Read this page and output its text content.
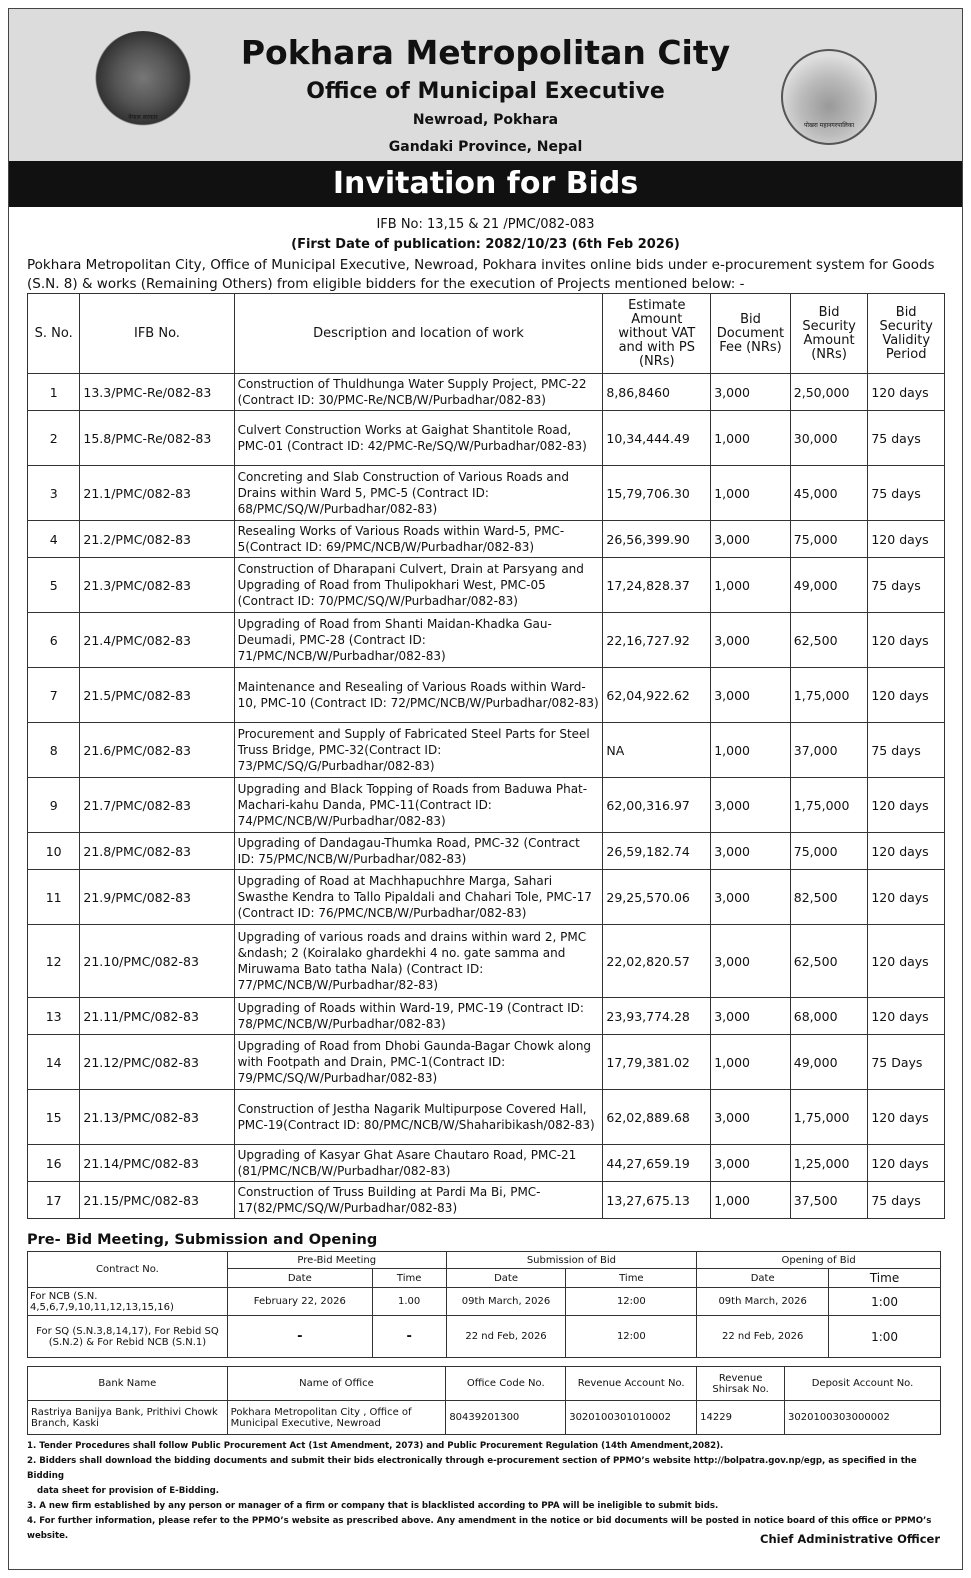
नेपाल सरकार
Pokhara Metropolitan City
Office of Municipal Executive
Newroad, Pokhara
Gandaki Province, Nepal
पोखरा महानगरपालिका
Invitation for Bids
IFB No: 13,15 & 21 /PMC/082-083
(First Date of publication: 2082/10/23 (6th Feb 2026)
Pokhara Metropolitan City, Office of Municipal Executive, Newroad, Pokhara invites online bids under e-procurement system for Goods (S.N. 8) & works (Remaining Others) from eligible bidders for the execution of Projects mentioned below: -
S. No.	IFB No.	Description and location of work	Estimate Amount without VAT and with PS (NRs)	Bid Document Fee (NRs)	Bid Security Amount (NRs)	Bid Security Validity Period
1	13.3/PMC-Re/082-83	Construction of Thuldhunga Water Supply Project, PMC-22 (Contract ID: 30/PMC-Re/NCB/W/Purbadhar/082-83)	8,86,8460	3,000	2,50,000	120 days
2	15.8/PMC-Re/082-83	Culvert Construction Works at Gaighat Shantitole Road, PMC-01 (Contract ID: 42/PMC-Re/SQ/W/Purbadhar/082-83)	10,34,444.49	1,000	30,000	75 days
3	21.1/PMC/082-83	Concreting and Slab Construction of Various Roads and Drains within Ward 5, PMC-5 (Contract ID: 68/PMC/SQ/W/Purbadhar/082-83)	15,79,706.30	1,000	45,000	75 days
4	21.2/PMC/082-83	Resealing Works of Various Roads within Ward-5, PMC-5(Contract ID: 69/PMC/NCB/W/Purbadhar/082-83)	26,56,399.90	3,000	75,000	120 days
5	21.3/PMC/082-83	Construction of Dharapani Culvert, Drain at Parsyang and Upgrading of Road from Thulipokhari West, PMC-05 (Contract ID: 70/PMC/SQ/W/Purbadhar/082-83)	17,24,828.37	1,000	49,000	75 days
6	21.4/PMC/082-83	Upgrading of Road from Shanti Maidan-Khadka Gau-Deumadi, PMC-28 (Contract ID: 71/PMC/NCB/W/Purbadhar/082-83)	22,16,727.92	3,000	62,500	120 days
7	21.5/PMC/082-83	Maintenance and Resealing of Various Roads within Ward-10, PMC-10 (Contract ID: 72/PMC/NCB/W/Purbadhar/082-83)	62,04,922.62	3,000	1,75,000	120 days
8	21.6/PMC/082-83	Procurement and Supply of Fabricated Steel Parts for Steel Truss Bridge, PMC-32(Contract ID: 73/PMC/SQ/G/Purbadhar/082-83)	NA	1,000	37,000	75 days
9	21.7/PMC/082-83	Upgrading and Black Topping of Roads from Baduwa Phat-Machari-kahu Danda, PMC-11(Contract ID: 74/PMC/NCB/W/Purbadhar/082-83)	62,00,316.97	3,000	1,75,000	120 days
10	21.8/PMC/082-83	Upgrading of Dandagau-Thumka Road, PMC-32 (Contract ID: 75/PMC/NCB/W/Purbadhar/082-83)	26,59,182.74	3,000	75,000	120 days
11	21.9/PMC/082-83	Upgrading of Road at Machhapuchhre Marga, Sahari Swasthe Kendra to Tallo Pipaldali and Chahari Tole, PMC-17 (Contract ID: 76/PMC/NCB/W/Purbadhar/082-83)	29,25,570.06	3,000	82,500	120 days
12	21.10/PMC/082-83	Upgrading of various roads and drains within ward 2, PMC &ndash; 2 (Koiralako ghardekhi 4 no. gate samma and Miruwama Bato tatha Nala) (Contract ID: 77/PMC/NCB/W/Purbadhar/82-83)	22,02,820.57	3,000	62,500	120 days
13	21.11/PMC/082-83	Upgrading of Roads within Ward-19, PMC-19 (Contract ID: 78/PMC/NCB/W/Purbadhar/082-83)	23,93,774.28	3,000	68,000	120 days
14	21.12/PMC/082-83	Upgrading of Road from Dhobi Gaunda-Bagar Chowk along with Footpath and Drain, PMC-1(Contract ID: 79/PMC/SQ/W/Purbadhar/082-83)	17,79,381.02	1,000	49,000	75 Days
15	21.13/PMC/082-83	Construction of Jestha Nagarik Multipurpose Covered Hall, PMC-19(Contract ID: 80/PMC/NCB/W/Shaharibikash/082-83)	62,02,889.68	3,000	1,75,000	120 days
16	21.14/PMC/082-83	Upgrading of Kasyar Ghat Asare Chautaro Road, PMC-21 (81/PMC/NCB/W/Purbadhar/082-83)	44,27,659.19	3,000	1,25,000	120 days
17	21.15/PMC/082-83	Construction of Truss Building at Pardi Ma Bi, PMC-17(82/PMC/SQ/W/Purbadhar/082-83)	13,27,675.13	1,000	37,500	75 days
Pre- Bid Meeting, Submission and Opening
Contract No.	Pre-Bid Meeting		Submission of Bid		Opening of Bid	
	Date	Time	Date	Time	Date	Time
For NCB (S.N. 4,5,6,7,9,10,11,12,13,15,16)	February 22, 2026	1.00	09th March, 2026	12:00	09th March, 2026	1:00
For SQ (S.N.3,8,14,17), For Rebid SQ (S.N.2) & For Rebid NCB (S.N.1)	-	-	22 nd Feb, 2026	12:00	22 nd Feb, 2026	1:00
Bank Name	Name of Office	Office Code No.	Revenue Account No.	Revenue Shirsak No.	Deposit Account No.
Rastriya Banijya Bank, Prithivi Chowk Branch, Kaski	Pokhara Metropolitan City , Office of Municipal Executive, Newroad	80439201300	3020100301010002	14229	3020100303000002
1. Tender Procedures shall follow Public Procurement Act (1st Amendment, 2073) and Public Procurement Regulation (14th Amendment,2082).
2. Bidders shall download the bidding documents and submit their bids electronically through e-procurement section of PPMO’s website http://bolpatra.gov.np/egp, as specified in the Bidding
data sheet for provision of E-Bidding.
3. A new firm established by any person or manager of a firm or company that is blacklisted according to PPA will be ineligible to submit bids.
4. For further information, please refer to the PPMO’s website as prescribed above. Any amendment in the notice or bid documents will be posted in notice board of this office or PPMO’s website.	Chief Administrative Officer
